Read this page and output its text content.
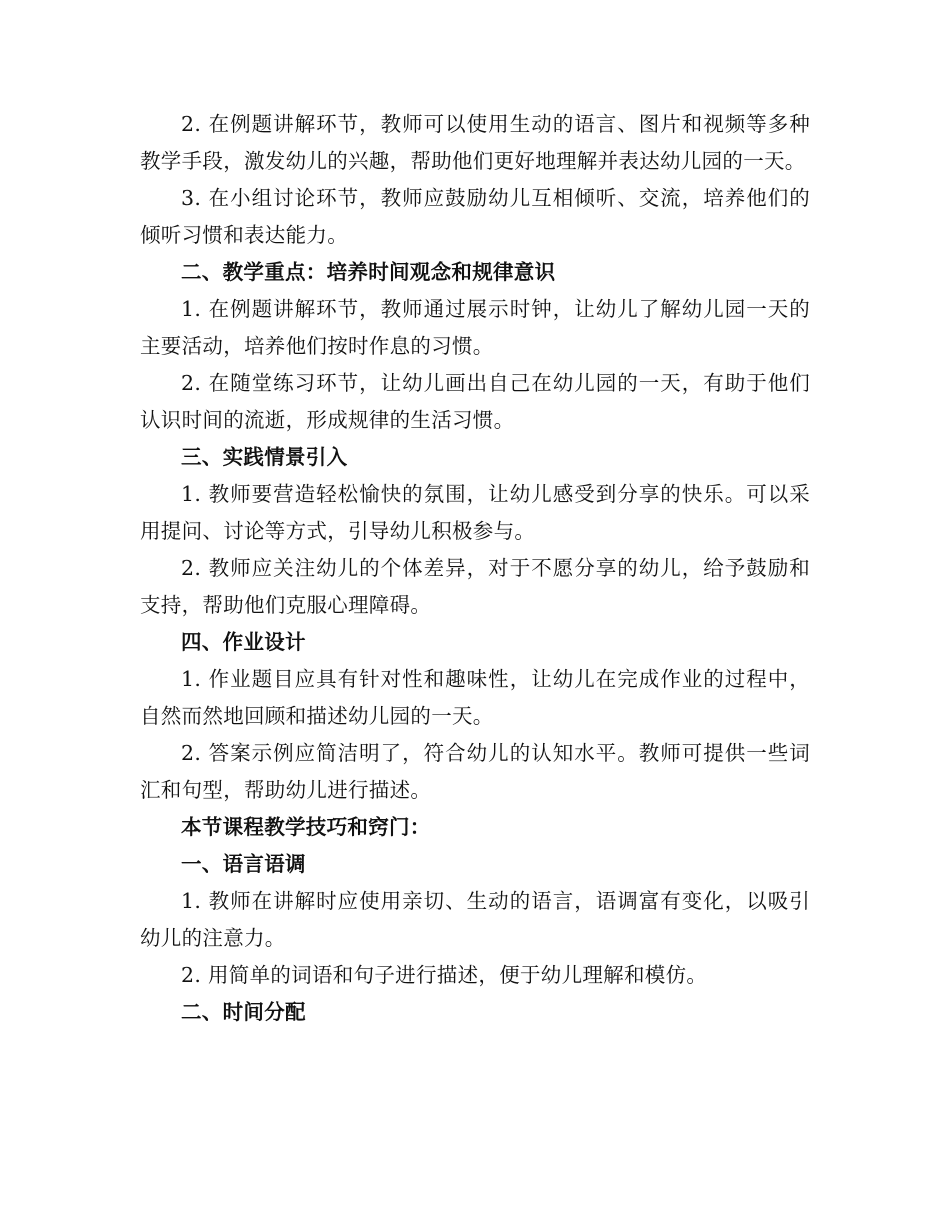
2. 在例题讲解环节，教师可以使用生动的语言、图片和视频等多种教学手段，激发幼儿的兴趣，帮助他们更好地理解并表达幼儿园的一天。

3. 在小组讨论环节，教师应鼓励幼儿互相倾听、交流，培养他们的倾听习惯和表达能力。

二、教学重点：培养时间观念和规律意识

1. 在例题讲解环节，教师通过展示时钟，让幼儿了解幼儿园一天的主要活动，培养他们按时作息的习惯。

2. 在随堂练习环节，让幼儿画出自己在幼儿园的一天，有助于他们认识时间的流逝，形成规律的生活习惯。

三、实践情景引入

1. 教师要营造轻松愉快的氛围，让幼儿感受到分享的快乐。可以采用提问、讨论等方式，引导幼儿积极参与。

2. 教师应关注幼儿的个体差异，对于不愿分享的幼儿，给予鼓励和支持，帮助他们克服心理障碍。

四、作业设计

1. 作业题目应具有针对性和趣味性，让幼儿在完成作业的过程中，自然而然地回顾和描述幼儿园的一天。

2. 答案示例应简洁明了，符合幼儿的认知水平。教师可提供一些词汇和句型，帮助幼儿进行描述。

本节课程教学技巧和窍门：

一、语言语调

1. 教师在讲解时应使用亲切、生动的语言，语调富有变化，以吸引幼儿的注意力。

2. 用简单的词语和句子进行描述，便于幼儿理解和模仿。

二、时间分配
